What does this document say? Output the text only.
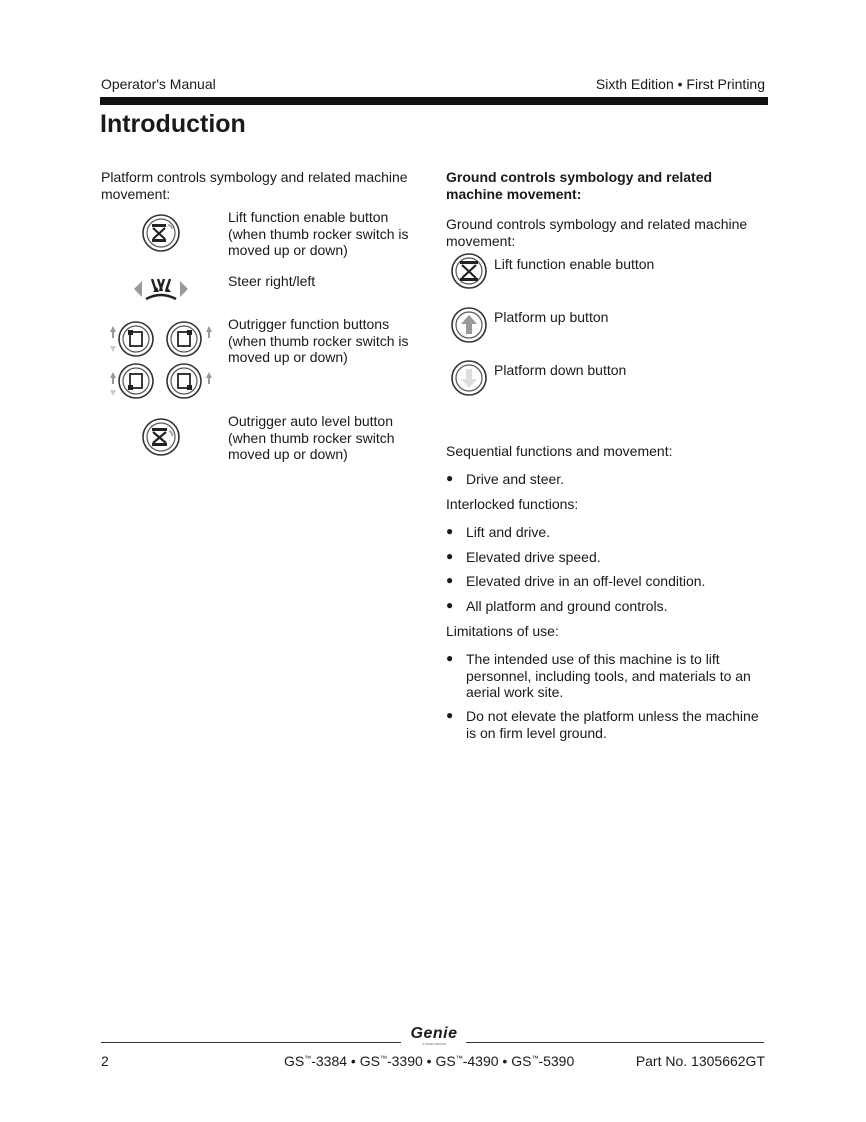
Operator's Manual	Sixth Edition • First Printing
Introduction

Platform controls symbology and related machine movement:

Lift function enable button (when thumb rocker switch is moved up or down)
Steer right/left
Outrigger function buttons (when thumb rocker switch is moved up or down)
Outrigger auto level button (when thumb rocker switch moved up or down)

Ground controls symbology and related machine movement:

Ground controls symbology and related machine movement:

Lift function enable button
Platform up button
Platform down button

Sequential functions and movement:

● Drive and steer.

Interlocked functions:

● Lift and drive.
● Elevated drive speed.
● Elevated drive in an off-level condition.
● All platform and ground controls.

Limitations of use:

● The intended use of this machine is to lift personnel, including tools, and materials to an aerial work site.
● Do not elevate the platform unless the machine is on firm level ground.
Genie
A TEREX BRAND
2	GS™-3384 • GS™-3390 • GS™-4390 • GS™-5390	Part No. 1305662GT
